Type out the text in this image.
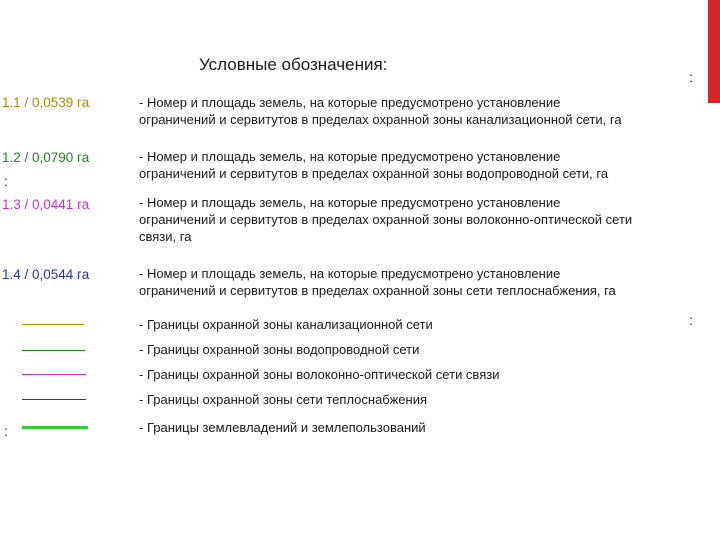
Условные обозначения:
:
:
:
:
1.1 / 0,0539 га	- Номер и площадь земель, на которые предусмотрено установление
ограничений и сервитутов в пределах охранной зоны канализационной сети, га
1.2 / 0,0790 га	- Номер и площадь земель, на которые предусмотрено установление
ограничений и сервитутов в пределах охранной зоны водопроводной сети, га
1.3 / 0,0441 га	- Номер и площадь земель, на которые предусмотрено установление
ограничений и сервитутов в пределах охранной зоны волоконно-оптической сети
связи, га
1.4 / 0,0544 га	- Номер и площадь земель, на которые предусмотрено установление
ограничений и сервитутов в пределах охранной зоны сети теплоснабжения, га
- Границы охранной зоны канализационной сети
- Границы охранной зоны водопроводной сети
- Границы охранной зоны волоконно-оптической сети связи
- Границы охранной зоны сети теплоснабжения
- Границы землевладений и землепользований
